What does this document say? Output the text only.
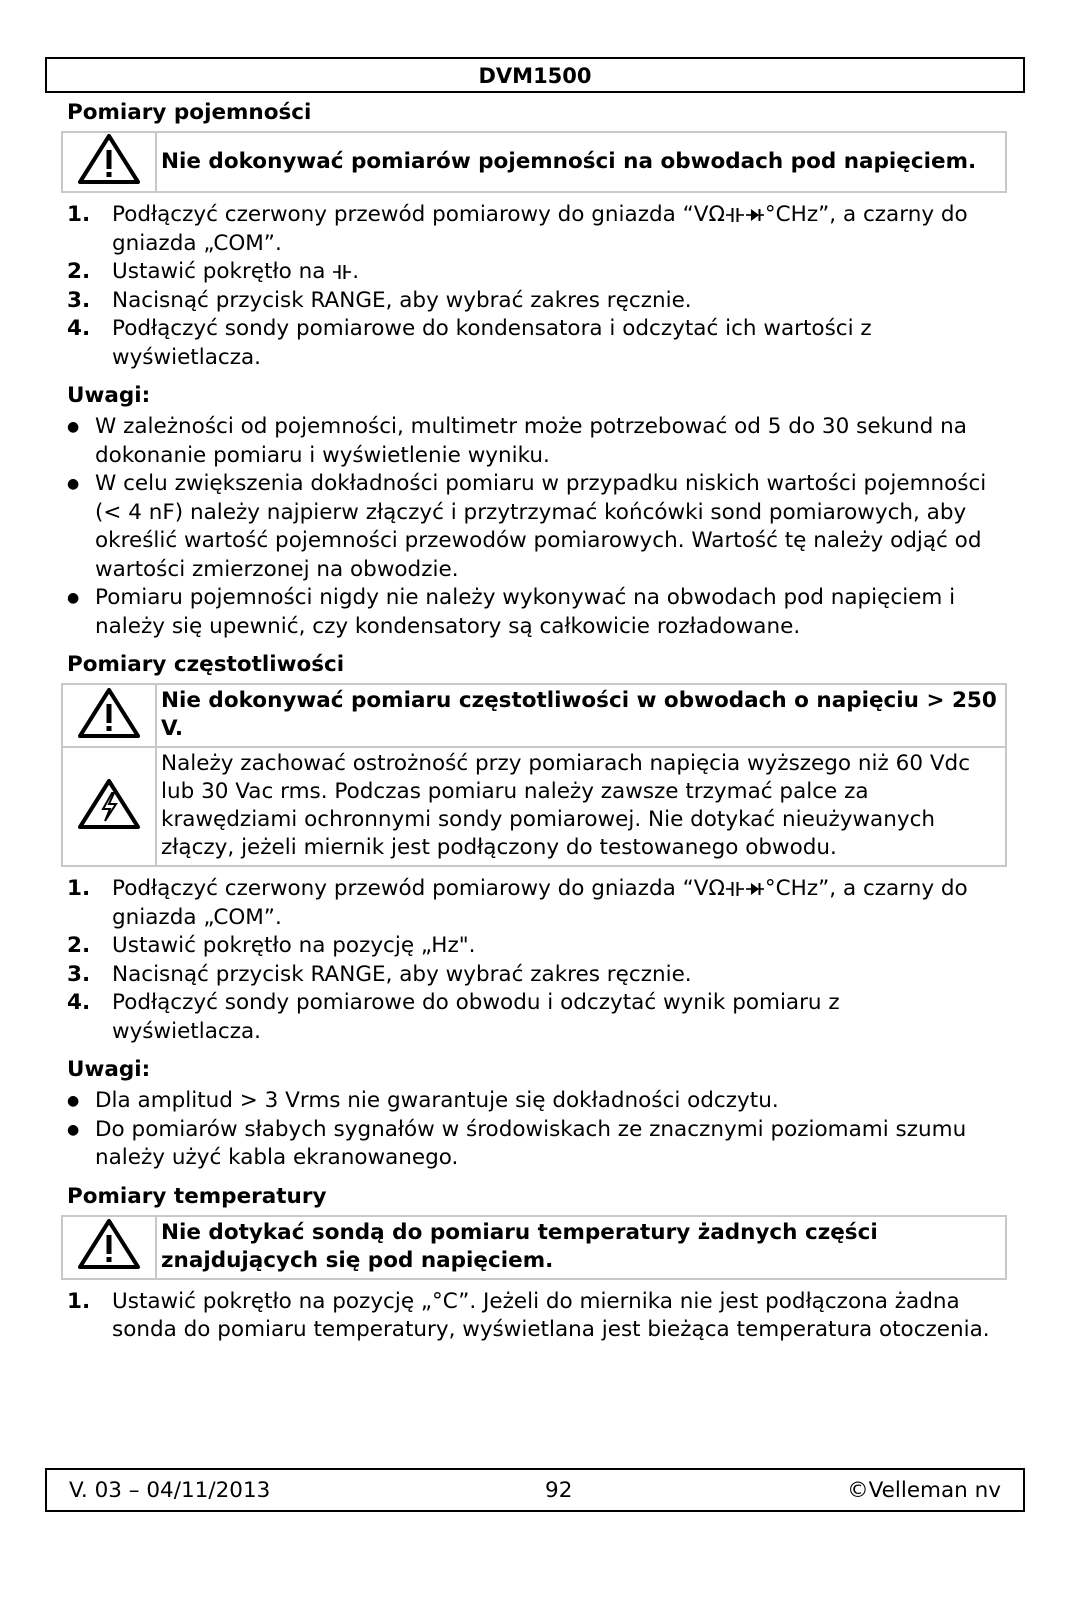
DVM1500
Pomiary pojemności
	Nie dokonywać pomiarów pojemności na obwodach pod napięciem.
1.	Podłączyć czerwony przewód pomiarowy do gniazda “VΩ °CHz”, a czarny do gniazda „COM”.
2.	Ustawić pokrętło na .
3.	Nacisnąć przycisk RANGE, aby wybrać zakres ręcznie.
4.	Podłączyć sondy pomiarowe do kondensatora i odczytać ich wartości z wyświetlacza.
Uwagi:
● W zależności od pojemności, multimetr może potrzebować od 5 do 30 sekund na dokonanie pomiaru i wyświetlenie wyniku.
● W celu zwiększenia dokładności pomiaru w przypadku niskich wartości pojemności (< 4 nF) należy najpierw złączyć i przytrzymać końcówki sond pomiarowych, aby określić wartość pojemności przewodów pomiarowych. Wartość tę należy odjąć od wartości zmierzonej na obwodzie.
● Pomiaru pojemności nigdy nie należy wykonywać na obwodach pod napięciem i należy się upewnić, czy kondensatory są całkowicie rozładowane.
Pomiary częstotliwości
	Nie dokonywać pomiaru częstotliwości w obwodach o napięciu > 250 V.
	Należy zachować ostrożność przy pomiarach napięcia wyższego niż 60 Vdc lub 30 Vac rms. Podczas pomiaru należy zawsze trzymać palce za krawędziami ochronnymi sondy pomiarowej. Nie dotykać nieużywanych złączy, jeżeli miernik jest podłączony do testowanego obwodu.
1.	Podłączyć czerwony przewód pomiarowy do gniazda “VΩ °CHz”, a czarny do gniazda „COM”.
2.	Ustawić pokrętło na pozycję „Hz".
3.	Nacisnąć przycisk RANGE, aby wybrać zakres ręcznie.
4.	Podłączyć sondy pomiarowe do obwodu i odczytać wynik pomiaru z wyświetlacza.
Uwagi:
● Dla amplitud > 3 Vrms nie gwarantuje się dokładności odczytu.
● Do pomiarów słabych sygnałów w środowiskach ze znacznymi poziomami szumu należy użyć kabla ekranowanego.
Pomiary temperatury
	Nie dotykać sondą do pomiaru temperatury żadnych części znajdujących się pod napięciem.
1.	Ustawić pokrętło na pozycję „°C”. Jeżeli do miernika nie jest podłączona żadna sonda do pomiaru temperatury, wyświetlana jest bieżąca temperatura otoczenia.
V. 03 – 04/11/2013	92	©Velleman nv
